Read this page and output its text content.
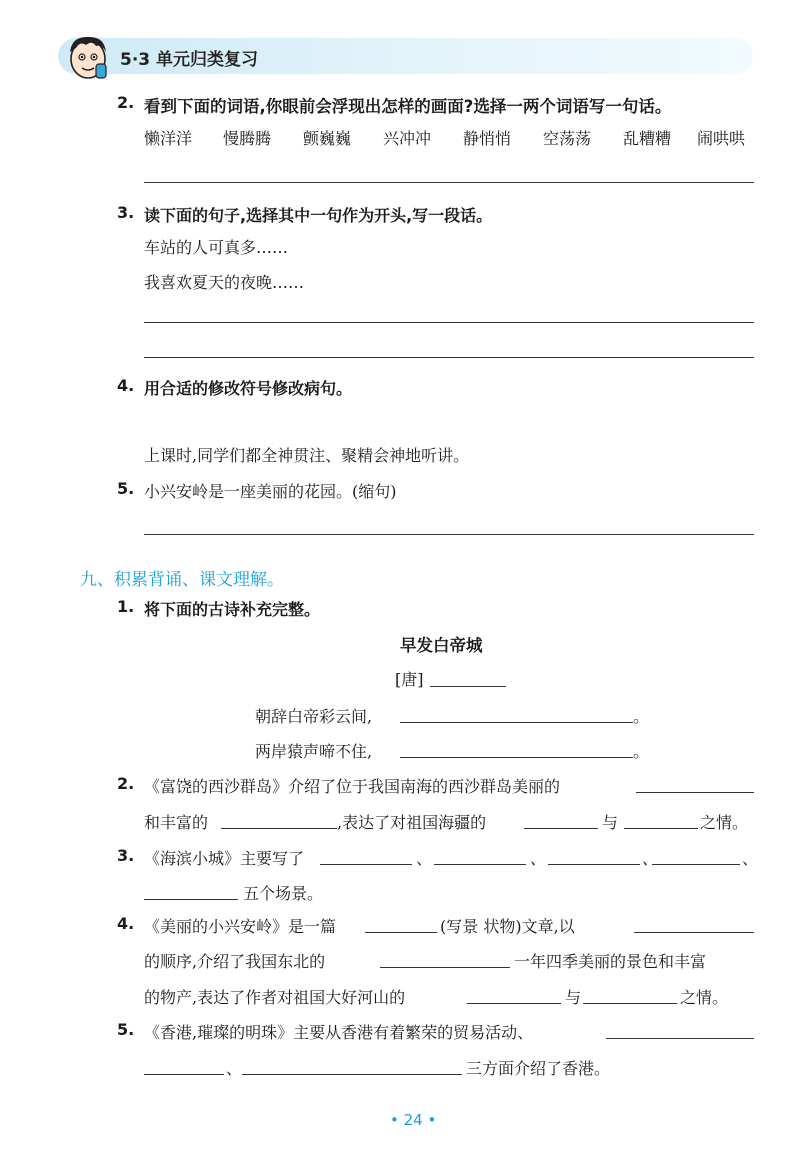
5·3 单元归类复习
2. 看到下面的词语,你眼前会浮现出怎样的画面?选择一两个词语写一句话。
懒洋洋 慢腾腾 颤巍巍 兴冲冲 静悄悄 空荡荡 乱糟糟 闹哄哄
3. 读下面的句子,选择其中一句作为开头,写一段话。
车站的人可真多……
我喜欢夏天的夜晚……
4. 用合适的修改符号修改病句。
上课时,同学们都全神贯注、聚精会神地听讲。
5. 小兴安岭是一座美丽的花园。(缩句)
九、积累背诵、课文理解。
1. 将下面的古诗补充完整。
早发白帝城
[唐]
朝辞白帝彩云间,	。
两岸猿声啼不住,	。
2. 《富饶的西沙群岛》介绍了位于我国南海的西沙群岛美丽的
和丰富的	,表达了对祖国海疆的	与	之情。
3. 《海滨小城》主要写了	、	、	、	、
五个场景。
4. 《美丽的小兴安岭》是一篇	(写景 状物)文章,以
的顺序,介绍了我国东北的	一年四季美丽的景色和丰富
的物产,表达了作者对祖国大好河山的	与	之情。
5. 《香港,璀璨的明珠》主要从香港有着繁荣的贸易活动、
、	三方面介绍了香港。
• 24 •
